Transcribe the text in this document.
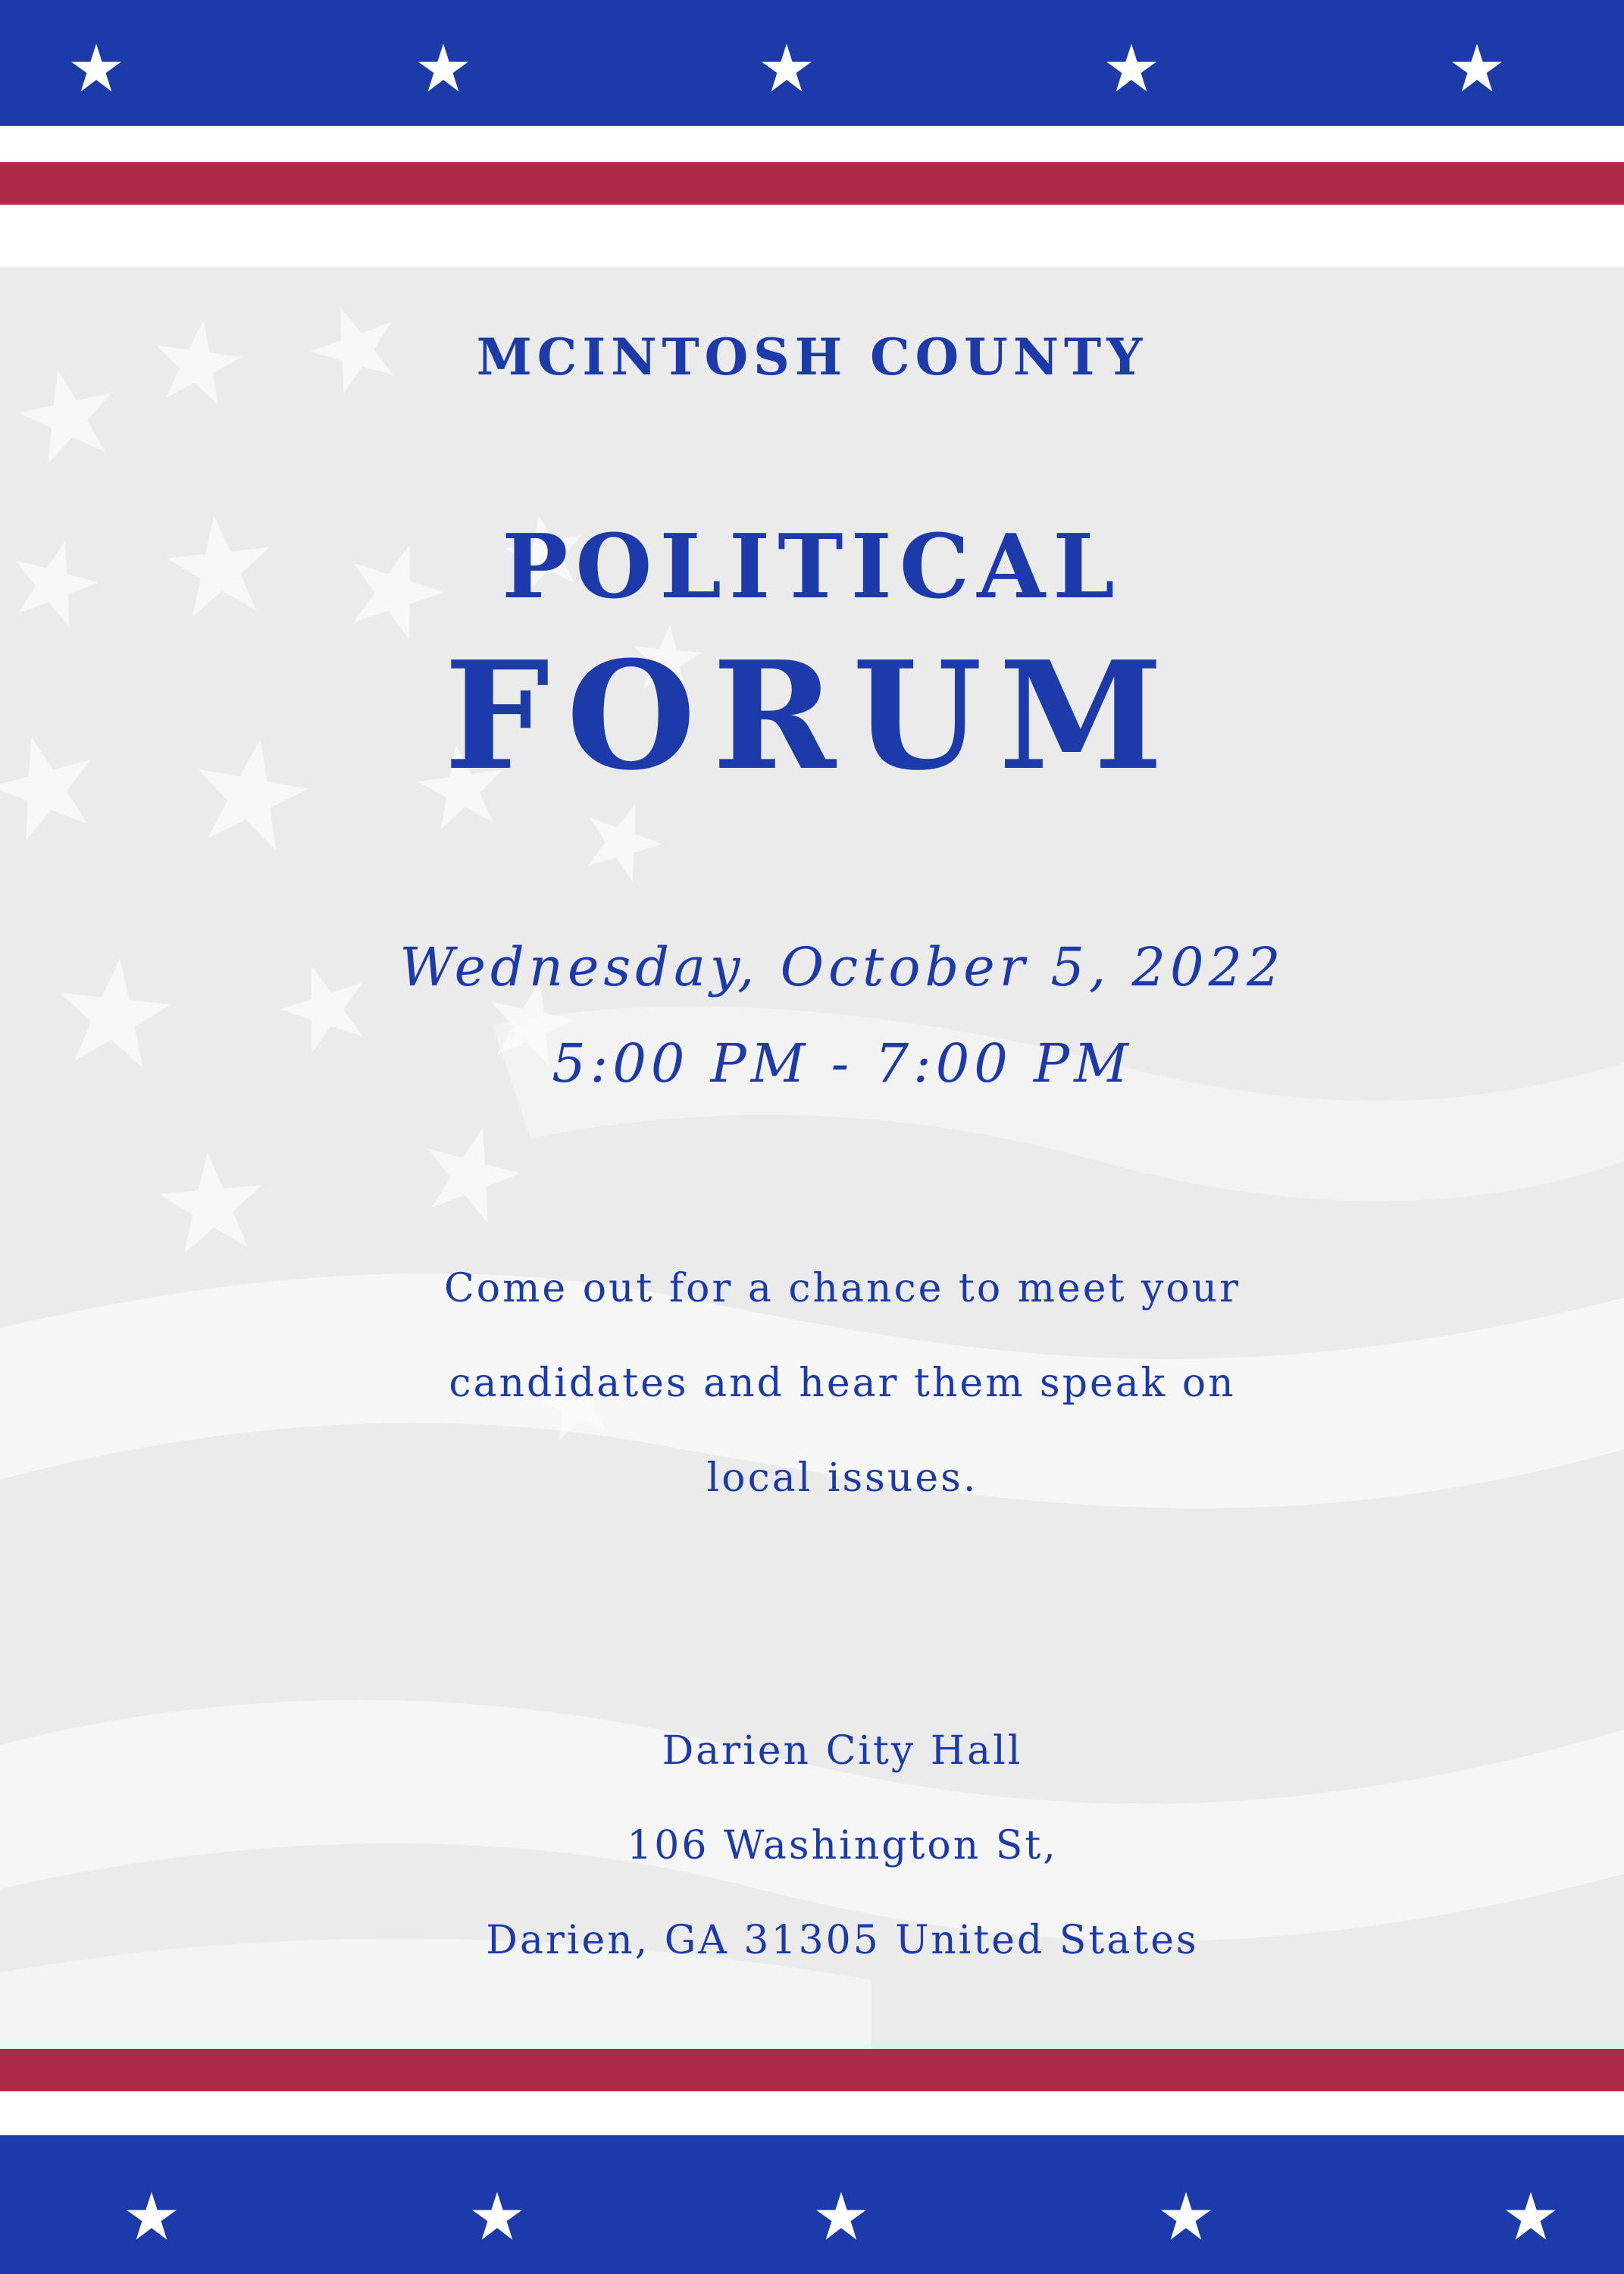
MCINTOSH COUNTY
POLITICAL
FORUM
Wednesday, October 5, 2022
5:00 PM - 7:00 PM
Come out for a chance to meet your
candidates and hear them speak on
local issues.
Darien City Hall
106 Washington St,
Darien, GA 31305 United States
